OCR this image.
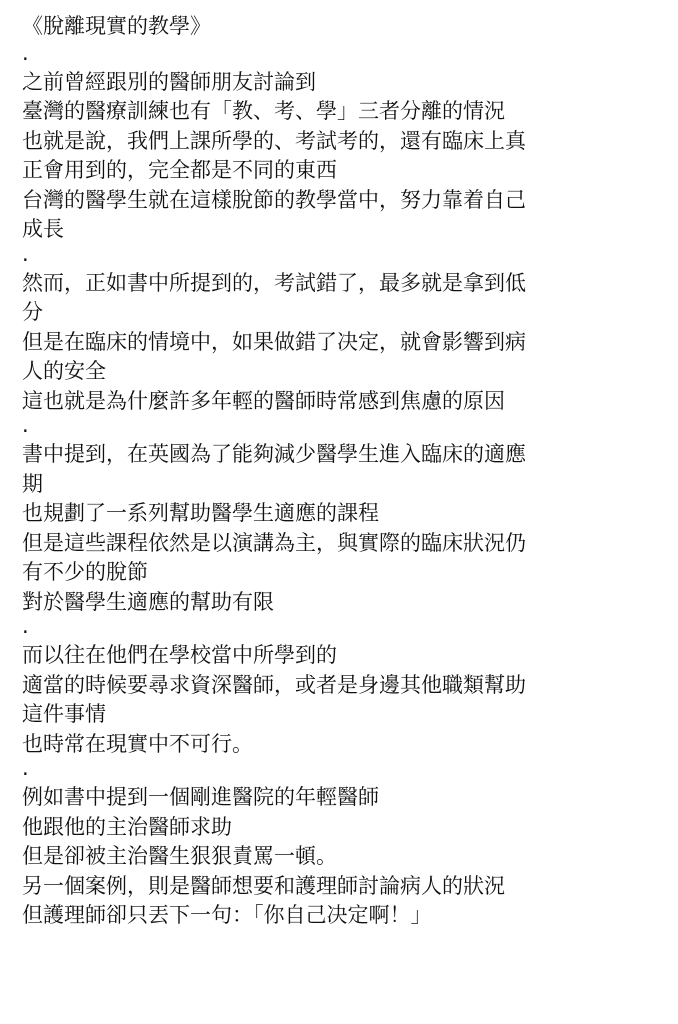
《脫離現實的教學》
.
之前曾經跟別的醫師朋友討論到
臺灣的醫療訓練也有「教、考、學」三者分離的情況
也就是說，我們上課所學的、考試考的，還有臨床上真
正會用到的，完全都是不同的東西
台灣的醫學生就在這樣脫節的教學當中，努力靠着自己
成長
.
然而，正如書中所提到的，考試錯了，最多就是拿到低
分
但是在臨床的情境中，如果做錯了决定，就會影響到病
人的安全
這也就是為什麼許多年輕的醫師時常感到焦慮的原因
.
書中提到，在英國為了能夠減少醫學生進入臨床的適應
期
也規劃了一系列幫助醫學生適應的課程
但是這些課程依然是以演講為主，與實際的臨床狀況仍
有不少的脫節
對於醫學生適應的幫助有限
.
而以往在他們在學校當中所學到的
適當的時候要尋求資深醫師，或者是身邊其他職類幫助
這件事情
也時常在現實中不可行。
.
例如書中提到一個剛進醫院的年輕醫師
他跟他的主治醫師求助
但是卻被主治醫生狠狠責罵一頓。
另一個案例，則是醫師想要和護理師討論病人的狀況
但護理師卻只丟下一句：「你自己决定啊！」
